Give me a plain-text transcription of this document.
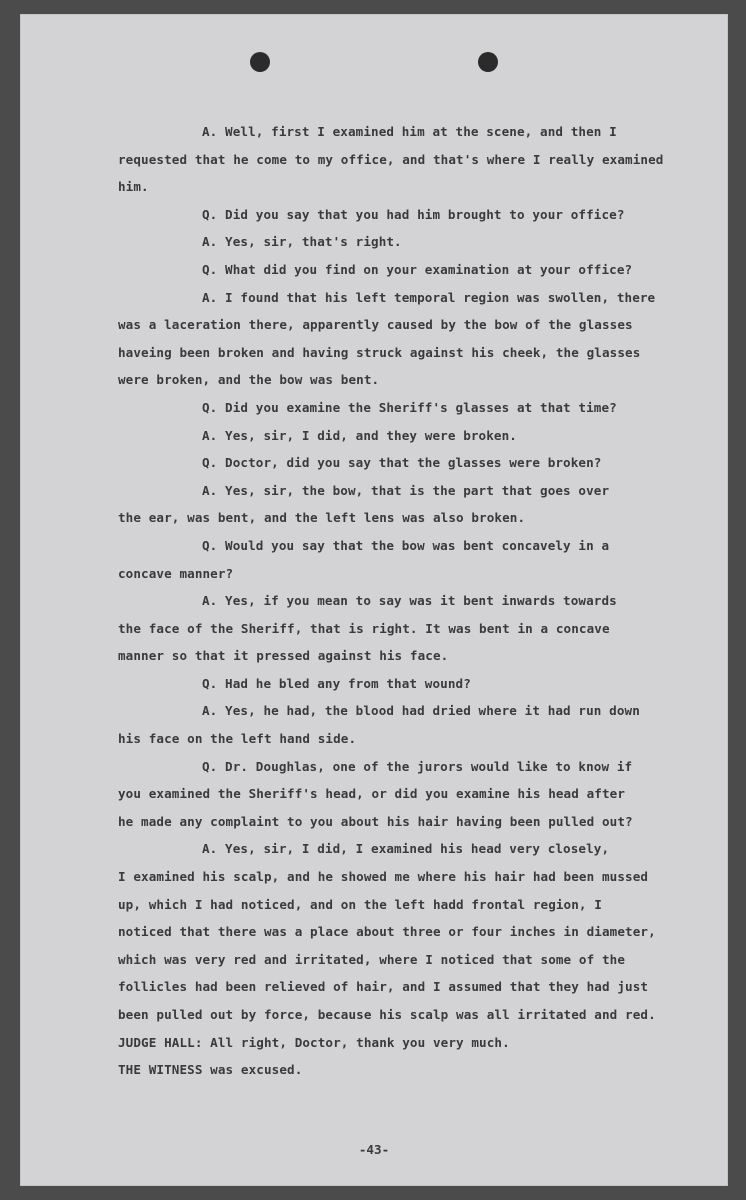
A. Well, first I examined him at the scene, and then I
requested that he come to my office, and that's where I really examined
him.
Q. Did you say that you had him brought to your office?
A. Yes, sir, that's right.
Q. What did you find on your examination at your office?
A. I found that his left temporal region was swollen, there
was a laceration there, apparently caused by the bow of the glasses
haveing been broken and having struck against his cheek, the glasses
were broken, and the bow was bent.
Q. Did you examine the Sheriff's glasses at that time?
A. Yes, sir, I did, and they were broken.
Q. Doctor, did you say that the glasses were broken?
A. Yes, sir, the bow, that is the part that goes over
the ear, was bent, and the left lens was also broken.
Q. Would you say that the bow was bent concavely in a
concave manner?
A. Yes, if you mean to say was it bent inwards towards
the face of the Sheriff, that is right. It was bent in a concave
manner so that it pressed against his face.
Q. Had he bled any from that wound?
A. Yes, he had, the blood had dried where it had run down
his face on the left hand side.
Q. Dr. Doughlas, one of the jurors would like to know if
you examined the Sheriff's head, or did you examine his head after
he made any complaint to you about his hair having been pulled out?
A. Yes, sir, I did, I examined his head very closely,
I examined his scalp, and he showed me where his hair had been mussed
up, which I had noticed, and on the left hadd frontal region, I
noticed that there was a place about three or four inches in diameter,
which was very red and irritated, where I noticed that some of the
follicles had been relieved of hair, and I assumed that they had just
been pulled out by force, because his scalp was all irritated and red.
JUDGE HALL: All right, Doctor, thank you very much.
THE WITNESS was excused.
-43-
